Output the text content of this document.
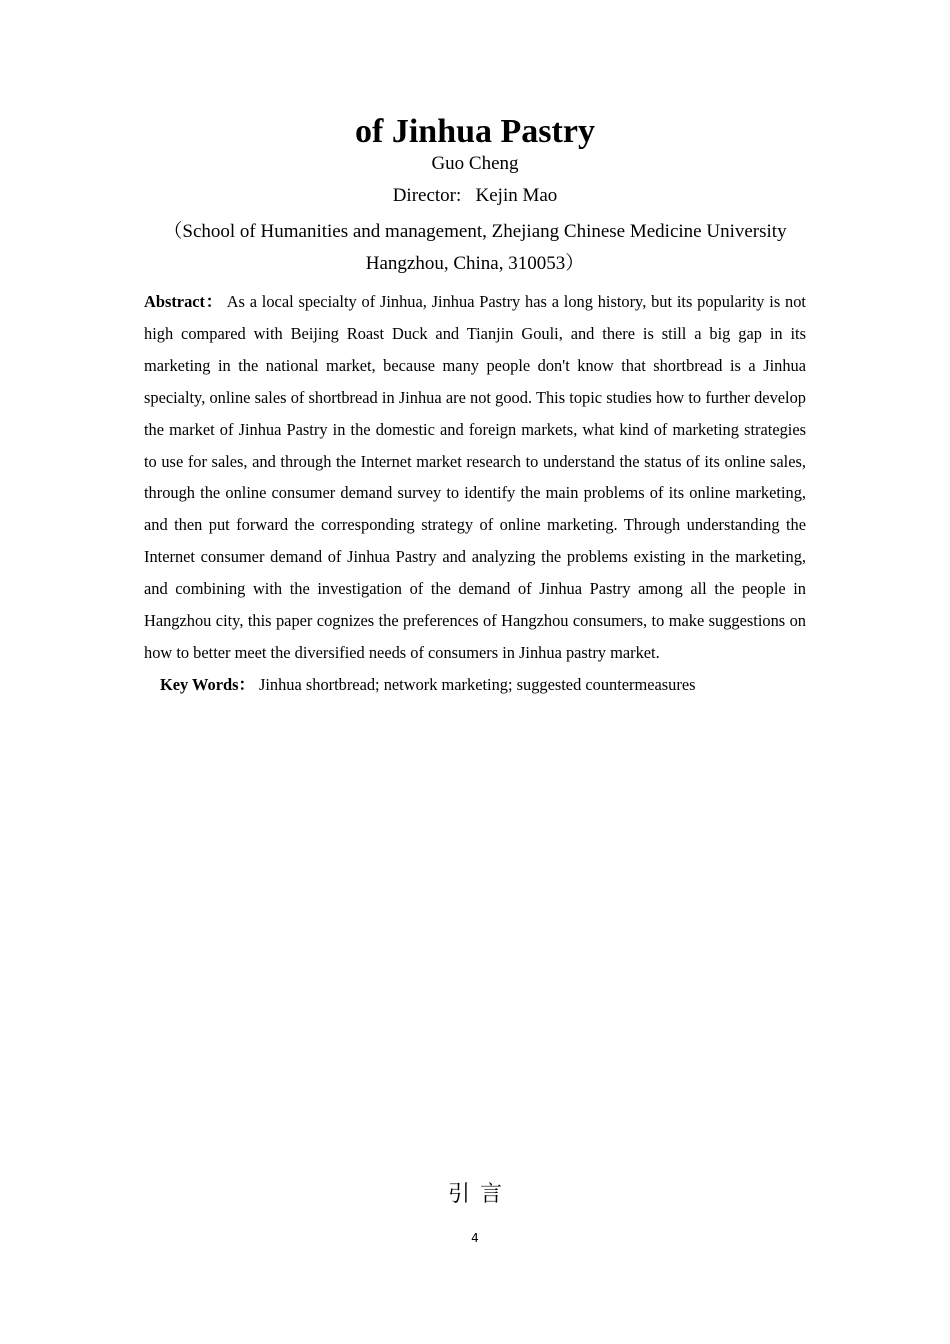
of Jinhua Pastry
Guo Cheng
Director:   Kejin Mao
（School of Humanities and management, Zhejiang Chinese Medicine University
Hangzhou, China, 310053）

Abstract： As a local specialty of Jinhua, Jinhua Pastry has a long history, but its popularity is not high compared with Beijing Roast Duck and Tianjin Gouli, and there is still a big gap in its marketing in the national market, because many people don't know that shortbread is a Jinhua specialty, online sales of shortbread in Jinhua are not good. This topic studies how to further develop the market of Jinhua Pastry in the domestic and foreign markets, what kind of marketing strategies to use for sales, and through the Internet market research to understand the status of its online sales, through the online consumer demand survey to identify the main problems of its online marketing, and then put forward the corresponding strategy of online marketing. Through understanding the Internet consumer demand of Jinhua Pastry and analyzing the problems existing in the marketing, and combining with the investigation of the demand of Jinhua Pastry among all the people in Hangzhou city, this paper cognizes the preferences of Hangzhou consumers, to make suggestions on how to better meet the diversified needs of consumers in Jinhua pastry market.

Key Words： Jinhua shortbread; network marketing; suggested countermeasures
引言
4
